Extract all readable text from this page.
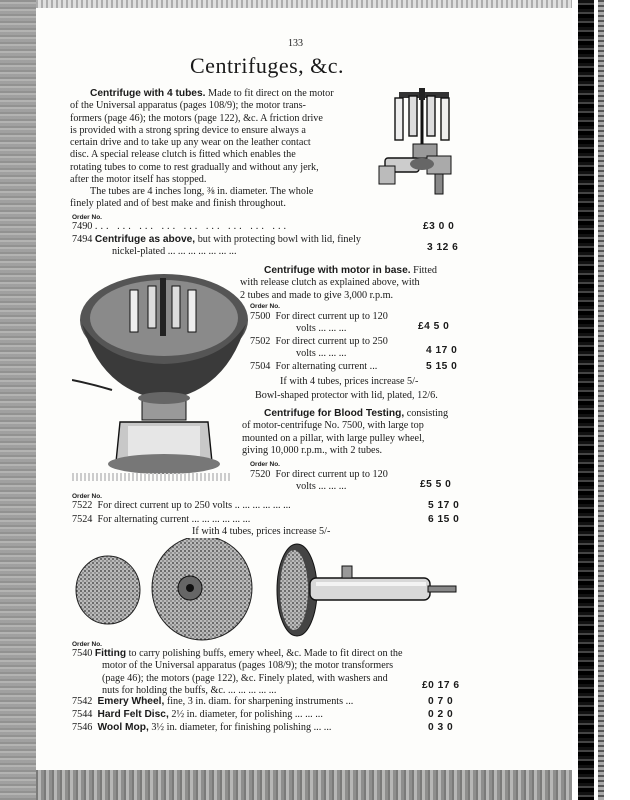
133
Centrifuges, &c.
Centrifuge with 4 tubes. Made to fit direct on the motor
of the Universal apparatus (pages 108/9); the motor trans-
formers (page 46); the motors (page 122), &c. A friction drive
is provided with a strong spring device to ensure always a
certain drive and to take up any wear on the leather contact
disc. A special release clutch is fitted which enables the
rotating tubes to come to rest gradually and without any jerk,
after the motor itself has stopped.
The tubes are 4 inches long, ⅜ in. diameter. The whole
finely plated and of best make and finish throughout.
Order No.
7490 ... ... ... ... ... ... ... ... ...	£3 0 0
7494 Centrifuge as above, but with protecting bowl with lid, finely
nickel-plated ... ... ... ... ... ... ...	3 12 6
Centrifuge with motor in base. Fitted
with release clutch as explained above, with
2 tubes and made to give 3,000 r.p.m.
Order No.
7500 For direct current up to 120
volts ... ... ...	£4 5 0
7502 For direct current up to 250
volts ... ... ...	4 17 0
7504 For alternating current ...	5 15 0
If with 4 tubes, prices increase 5/-
Bowl-shaped protector with lid, plated, 12/6.
Centrifuge for Blood Testing, consisting
of motor-centrifuge No. 7500, with large top
mounted on a pillar, with large pulley wheel,
giving 10,000 r.p.m., with 2 tubes.
Order No.
7520 For direct current up to 120
volts ... ... ...	£5 5 0
Order No.
7522 For direct current up to 250 volts .. ... ... ... ... ...	5 17 0
7524 For alternating current ... ... ... ... ... ...	6 15 0
If with 4 tubes, prices increase 5/-
Order No.
7540 Fitting to carry polishing buffs, emery wheel, &c. Made to fit direct on the
motor of the Universal apparatus (pages 108/9); the motor transformers
(page 46); the motors (page 122), &c. Finely plated, with washers and
nuts for holding the buffs, &c. ... ... ... ... ...	£0 17 6
7542 Emery Wheel, fine, 3 in. diam. for sharpening instruments ...	0 7 0
7544 Hard Felt Disc, 2½ in. diameter, for polishing ... ... ...	0 2 0
7546 Wool Mop, 3½ in. diameter, for finishing polishing ... ...	0 3 0
